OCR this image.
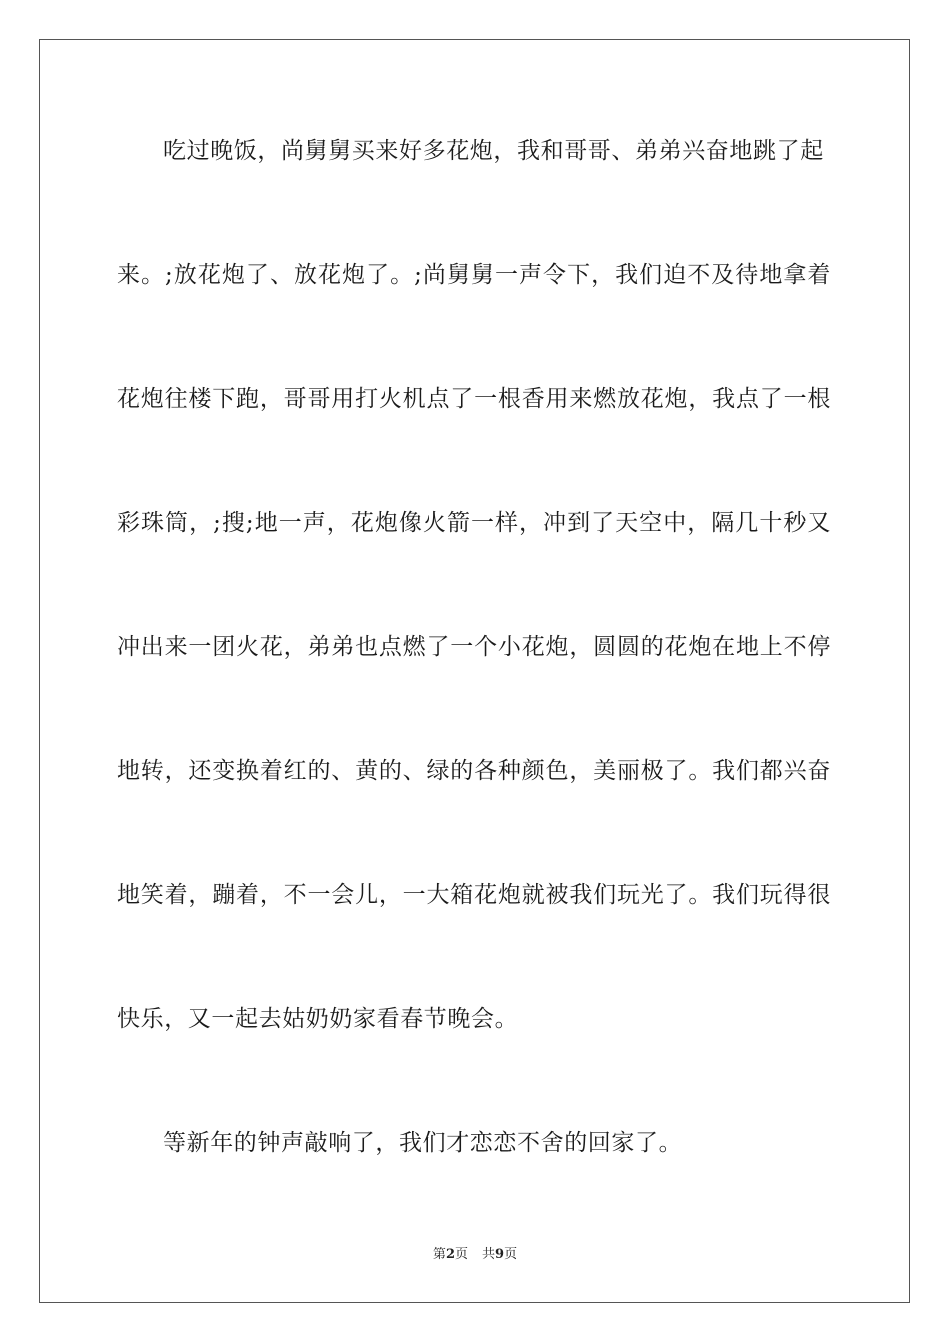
吃过晚饭，尚舅舅买来好多花炮，我和哥哥、弟弟兴奋地跳了起
来。;放花炮了、放花炮了。;尚舅舅一声令下，我们迫不及待地拿着
花炮往楼下跑，哥哥用打火机点了一根香用来燃放花炮，我点了一根
彩珠筒，;搜;地一声，花炮像火箭一样，冲到了天空中，隔几十秒又
冲出来一团火花，弟弟也点燃了一个小花炮，圆圆的花炮在地上不停
地转，还变换着红的、黄的、绿的各种颜色，美丽极了。我们都兴奋
地笑着，蹦着，不一会儿，一大箱花炮就被我们玩光了。我们玩得很
快乐，又一起去姑奶奶家看春节晚会。
等新年的钟声敲响了，我们才恋恋不舍的回家了。
第2页 共9页
